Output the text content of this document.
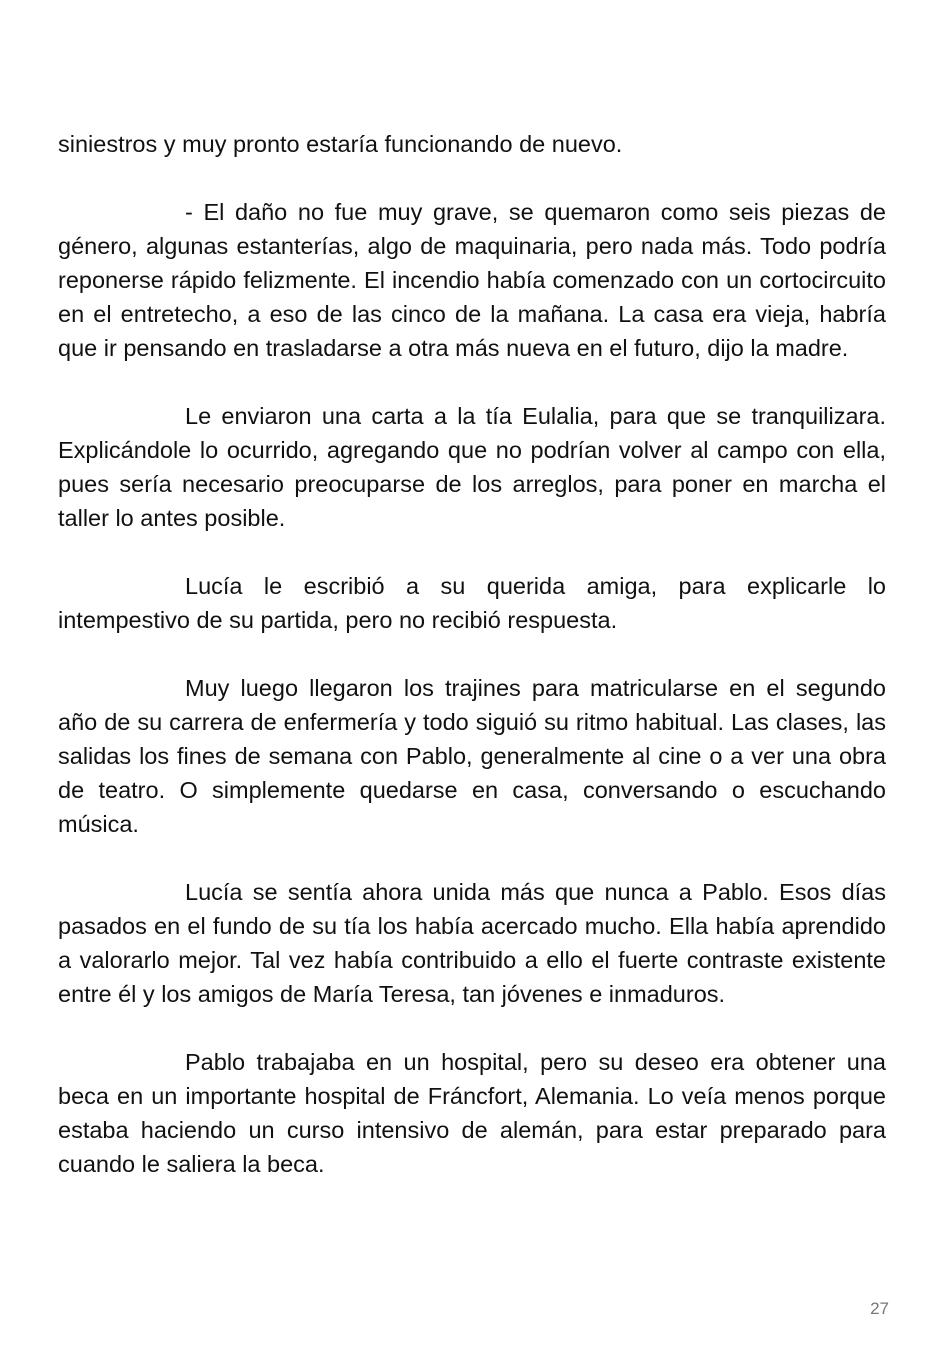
siniestros y muy pronto estaría funcionando de nuevo.

- El daño no fue muy grave, se quemaron como seis piezas de género, algunas estanterías, algo de maquinaria, pero nada más. Todo podría reponerse rápido felizmente. El incendio había comenzado con un cortocircuito en el entretecho, a eso de las cinco de la mañana. La casa era vieja, habría que ir pensando en trasladarse a otra más nueva en el futuro, dijo la madre.

Le enviaron una carta a la tía Eulalia, para que se tranquilizara. Explicándole lo ocurrido, agregando que no podrían volver al campo con ella, pues sería necesario preocuparse de los arreglos, para poner en marcha el taller lo antes posible.

Lucía le escribió a su querida amiga, para explicarle lo intempestivo de su partida, pero no recibió respuesta.

Muy luego llegaron los trajines para matricularse en el segundo año de su carrera de enfermería y todo siguió su ritmo habitual. Las clases, las salidas los fines de semana con Pablo, generalmente al cine o a ver una obra de teatro. O simplemente quedarse en casa, conversando o escuchando música.

Lucía se sentía ahora unida más que nunca a Pablo. Esos días pasados en el fundo de su tía los había acercado mucho. Ella había aprendido a valorarlo mejor. Tal vez había contribuido a ello el fuerte contraste existente entre él y los amigos de María Teresa, tan jóvenes e inmaduros.

Pablo trabajaba en un hospital, pero su deseo era obtener una beca en un importante hospital de Fráncfort, Alemania. Lo veía menos porque estaba haciendo un curso intensivo de alemán, para estar preparado para cuando le saliera la beca.

27
